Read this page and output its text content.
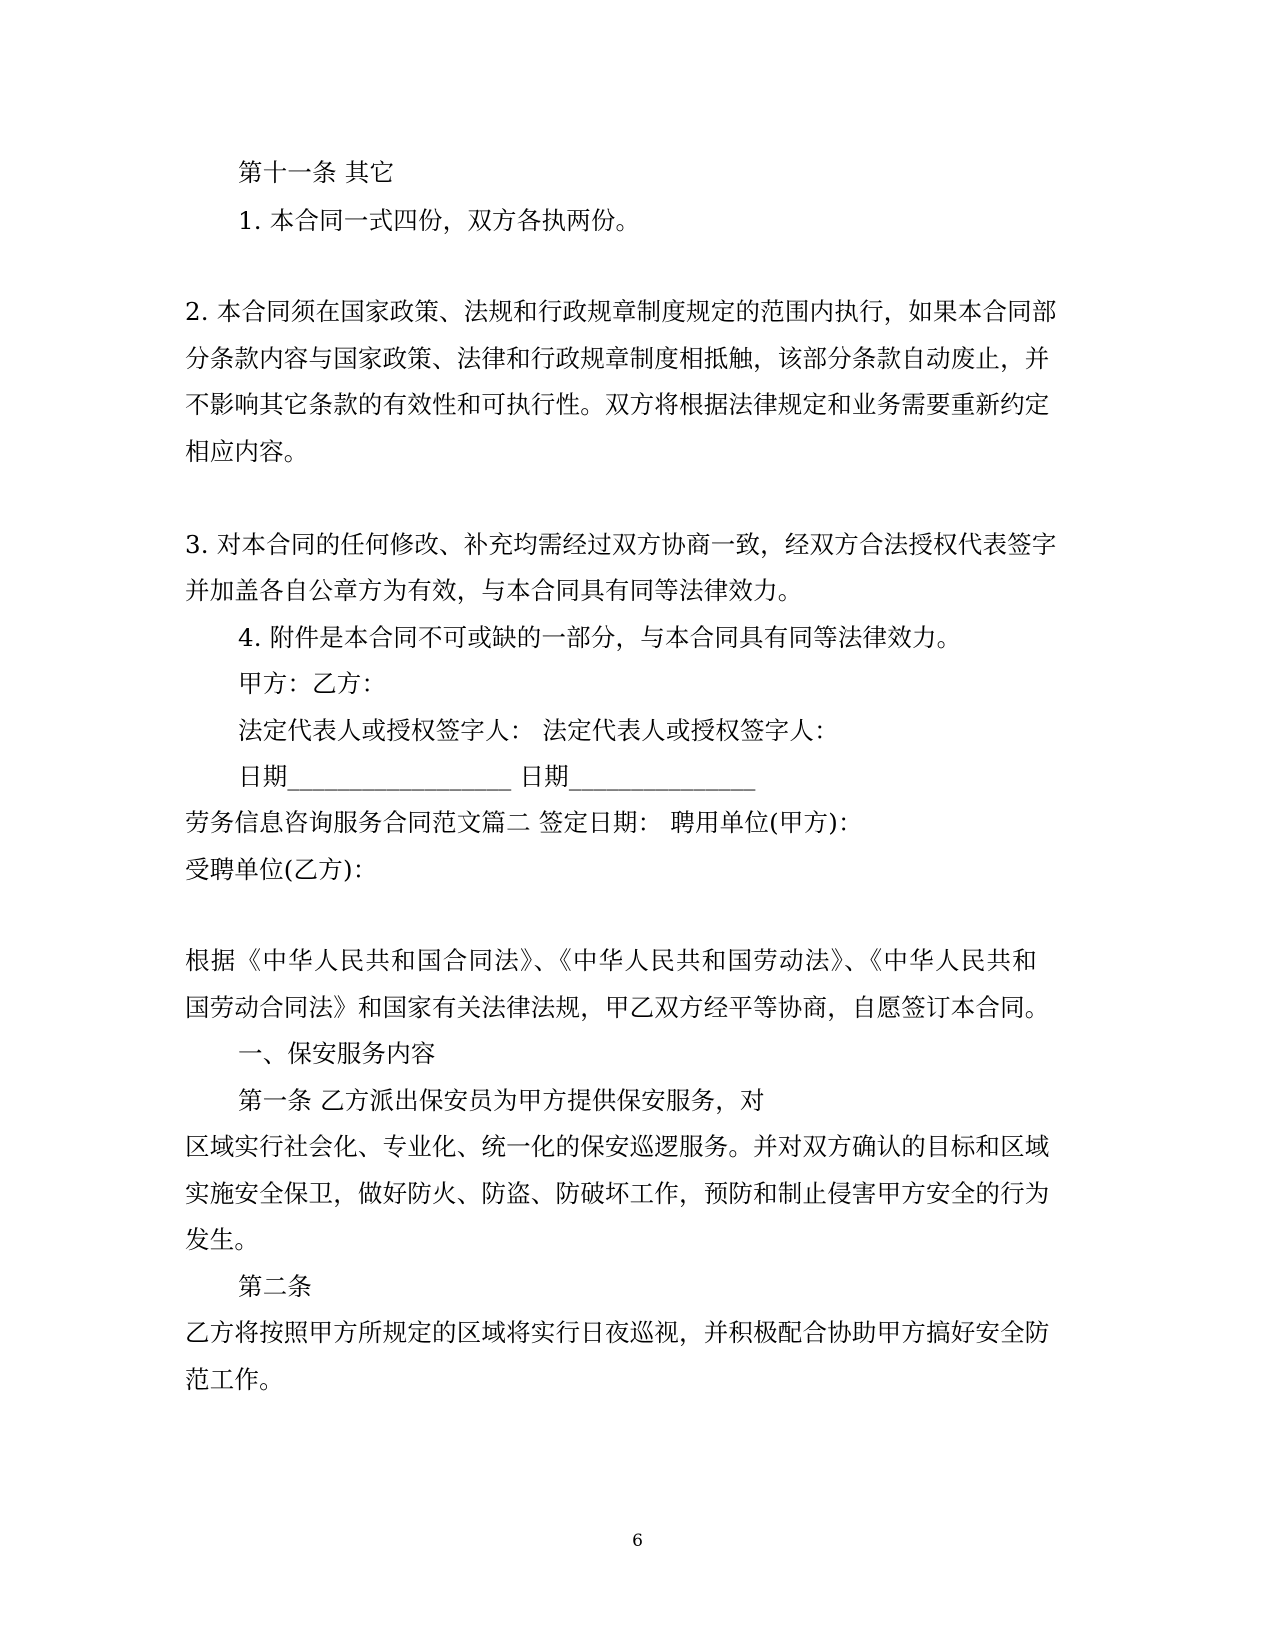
第十一条 其它
1. 本合同一式四份，双方各执两份。
2. 本合同须在国家政策、法规和行政规章制度规定的范围内执行，如果本合同部
分条款内容与国家政策、法律和行政规章制度相抵触，该部分条款自动废止，并
不影响其它条款的有效性和可执行性。双方将根据法律规定和业务需要重新约定
相应内容。
3. 对本合同的任何修改、补充均需经过双方协商一致，经双方合法授权代表签字
并加盖各自公章方为有效，与本合同具有同等法律效力。
4. 附件是本合同不可或缺的一部分，与本合同具有同等法律效力。
甲方：乙方：
法定代表人或授权签字人： 法定代表人或授权签字人：
日期__________________ 日期_______________
劳务信息咨询服务合同范文篇二 签定日期： 聘用单位(甲方)：
受聘单位(乙方)：
根据《中华人民共和国合同法》、《中华人民共和国劳动法》、《中华人民共和
国劳动合同法》和国家有关法律法规，甲乙双方经平等协商，自愿签订本合同。
一、保安服务内容
第一条 乙方派出保安员为甲方提供保安服务，对
区域实行社会化、专业化、统一化的保安巡逻服务。并对双方确认的目标和区域
实施安全保卫，做好防火、防盗、防破坏工作，预防和制止侵害甲方安全的行为
发生。
第二条
乙方将按照甲方所规定的区域将实行日夜巡视，并积极配合协助甲方搞好安全防
范工作。
6
